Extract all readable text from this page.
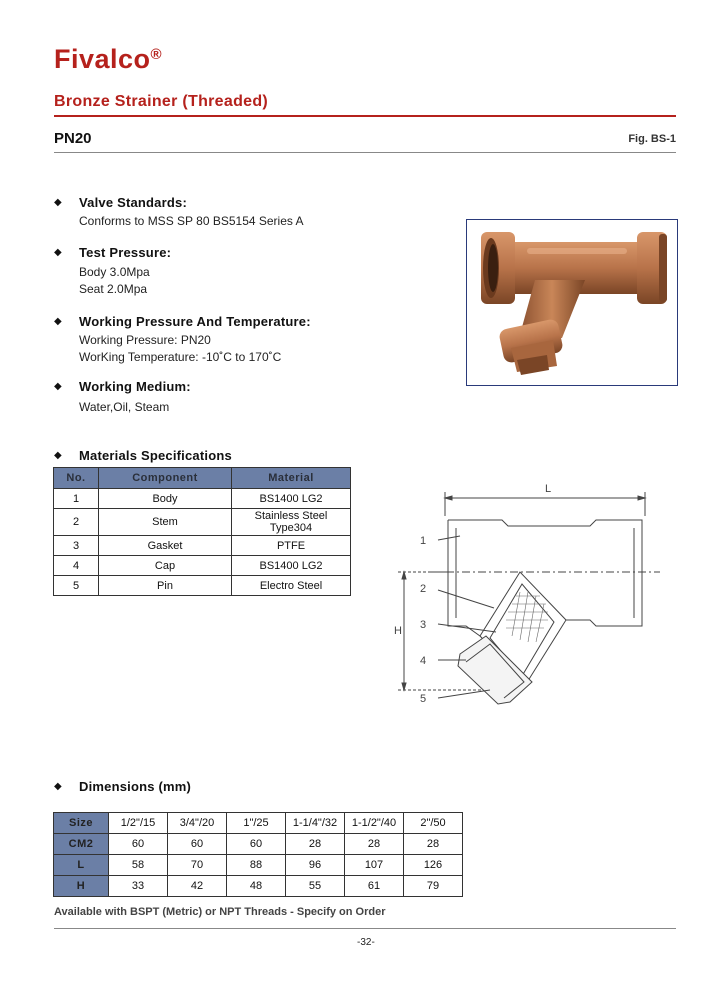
Fivalco®
Bronze Strainer (Threaded)
PN20	Fig. BS-1
◆ Valve Standards:
Conforms to MSS SP 80 BS5154 Series A
◆ Test Pressure:
Body 3.0Mpa
Seat 2.0Mpa
◆ Working Pressure And Temperature:
Working Pressure: PN20
WorKing Temperature: -10˚C to 170˚C
◆ Working Medium:
Water,Oil, Steam
◆ Materials Specifications
No.	Component	Material
1	Body	BS1400 LG2
2	Stem	Stainless Steel Type304
3	Gasket	PTFE
4	Cap	BS1400 LG2
5	Pin	Electro Steel
L
H
1
2
3
4
5
◆ Dimensions (mm)
Size	1/2"/15	3/4"/20	1"/25	1-1/4"/32	1-1/2"/40	2"/50
CM2	60	60	60	28	28	28
L	58	70	88	96	107	126
H	33	42	48	55	61	79
Available with BSPT (Metric) or NPT Threads - Specify on Order
-32-
